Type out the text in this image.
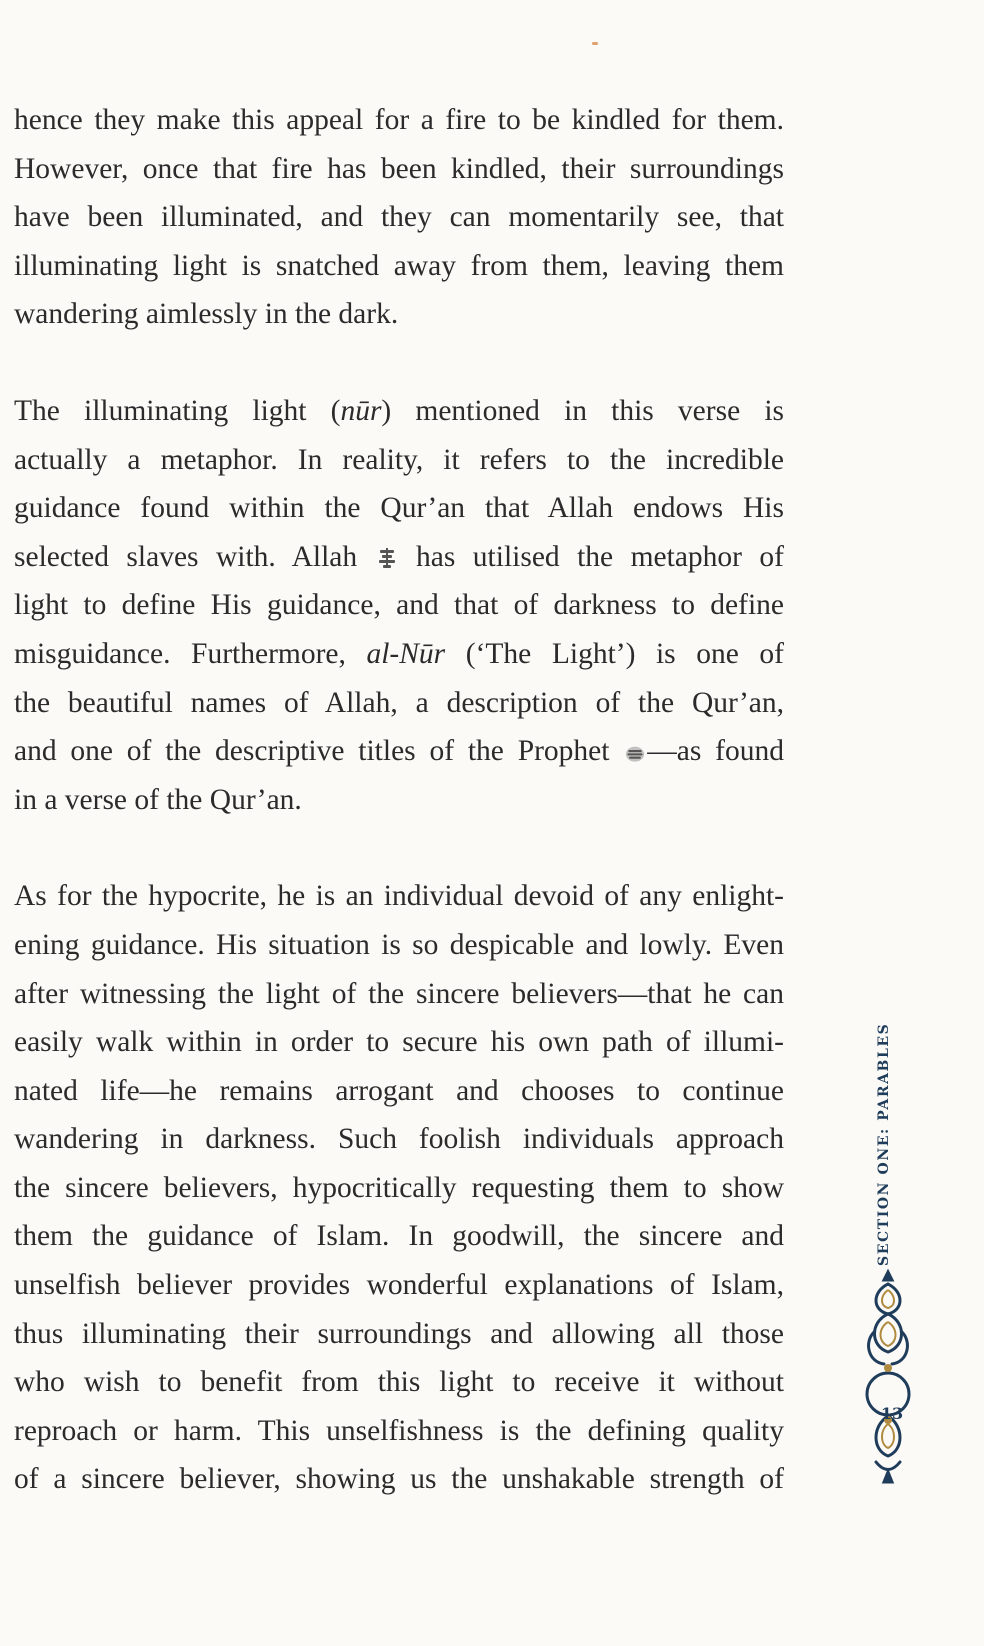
hence they make this appeal for a fire to be kindled for them.
However, once that fire has been kindled, their surroundings
have been illuminated, and they can momentarily see, that
illuminating light is snatched away from them, leaving them
wandering aimlessly in the dark.

The illuminating light (nūr) mentioned in this verse is
actually a metaphor. In reality, it refers to the incredible
guidance found within the Qur’an that Allah endows His
selected slaves with. Allah  has utilised the metaphor of
light to define His guidance, and that of darkness to define
misguidance. Furthermore, al-Nūr (‘The Light’) is one of
the beautiful names of Allah, a description of the Qur’an,
and one of the descriptive titles of the Prophet —as found
in a verse of the Qur’an.

As for the hypocrite, he is an individual devoid of any enlight-
ening guidance. His situation is so despicable and lowly. Even
after witnessing the light of the sincere believers—that he can
easily walk within in order to secure his own path of illumi-
nated life—he remains arrogant and chooses to continue
wandering in darkness. Such foolish individuals approach
the sincere believers, hypocritically requesting them to show
them the guidance of Islam. In goodwill, the sincere and
unselfish believer provides wonderful explanations of Islam,
thus illuminating their surroundings and allowing all those
who wish to benefit from this light to receive it without
reproach or harm. This unselfishness is the defining quality
of a sincere believer, showing us the unshakable strength of

SECTION ONE: PARABLES
13
